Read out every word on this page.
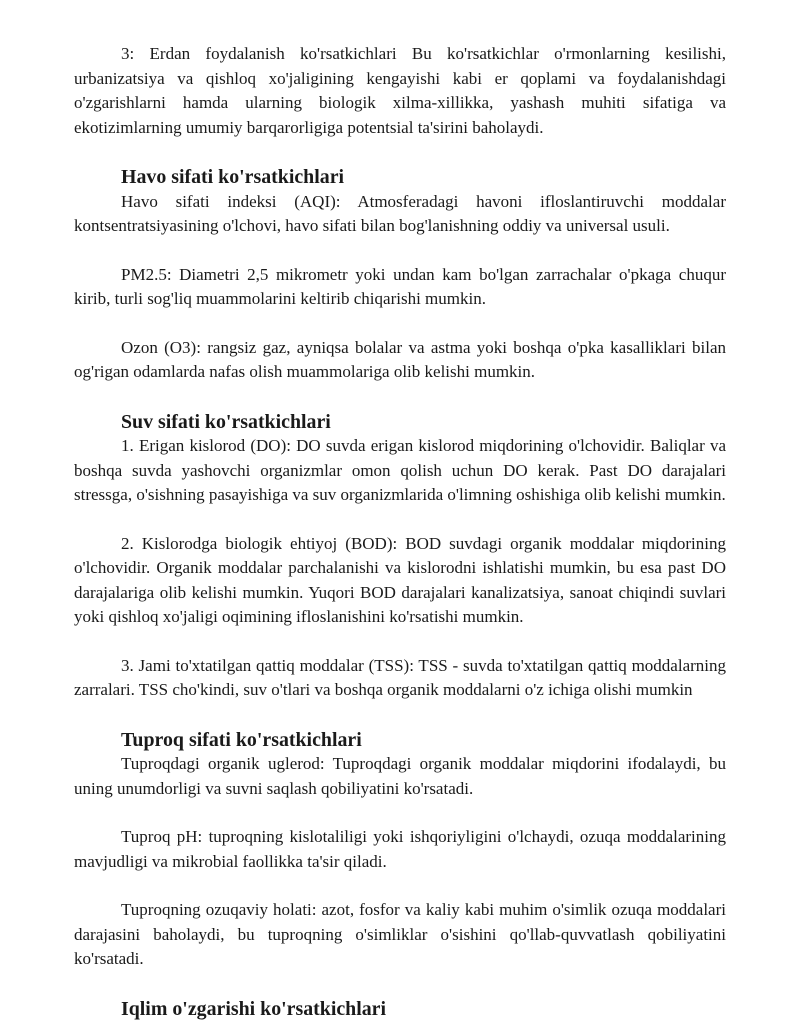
3: Erdan foydalanish ko'rsatkichlari Bu ko'rsatkichlar o'rmonlarning kesilishi, urbanizatsiya va qishloq xo'jaligining kengayishi kabi er qoplami va foydalanishdagi o'zgarishlarni hamda ularning biologik xilma-xillikka, yashash muhiti sifatiga va ekotizimlarning umumiy barqarorligiga potentsial ta'sirini baholaydi.

Havo sifati ko'rsatkichlari

Havo sifati indeksi (AQI): Atmosferadagi havoni ifloslantiruvchi moddalar kontsentratsiyasining o'lchovi, havo sifati bilan bog'lanishning oddiy va universal usuli.

PM2.5: Diametri 2,5 mikrometr yoki undan kam bo'lgan zarrachalar o'pkaga chuqur kirib, turli sog'liq muammolarini keltirib chiqarishi mumkin.

Ozon (O3): rangsiz gaz, ayniqsa bolalar va astma yoki boshqa o'pka kasalliklari bilan og'rigan odamlarda nafas olish muammolariga olib kelishi mumkin.

Suv sifati ko'rsatkichlari

1. Erigan kislorod (DO): DO suvda erigan kislorod miqdorining o'lchovidir. Baliqlar va boshqa suvda yashovchi organizmlar omon qolish uchun DO kerak. Past DO darajalari stressga, o'sishning pasayishiga va suv organizmlarida o'limning oshishiga olib kelishi mumkin.

2. Kislorodga biologik ehtiyoj (BOD): BOD suvdagi organik moddalar miqdorining o'lchovidir. Organik moddalar parchalanishi va kislorodni ishlatishi mumkin, bu esa past DO darajalariga olib kelishi mumkin. Yuqori BOD darajalari kanalizatsiya, sanoat chiqindi suvlari yoki qishloq xo'jaligi oqimining ifloslanishini ko'rsatishi mumkin.

3. Jami to'xtatilgan qattiq moddalar (TSS): TSS - suvda to'xtatilgan qattiq moddalarning zarralari. TSS cho'kindi, suv o'tlari va boshqa organik moddalarni o'z ichiga olishi mumkin

Tuproq sifati ko'rsatkichlari

Tuproqdagi organik uglerod: Tuproqdagi organik moddalar miqdorini ifodalaydi, bu uning unumdorligi va suvni saqlash qobiliyatini ko'rsatadi.

Tuproq pH: tuproqning kislotaliligi yoki ishqoriyligini o'lchaydi, ozuqa moddalarining mavjudligi va mikrobial faollikka ta'sir qiladi.

Tuproqning ozuqaviy holati: azot, fosfor va kaliy kabi muhim o'simlik ozuqa moddalari darajasini baholaydi, bu tuproqning o'simliklar o'sishini qo'llab-quvvatlash qobiliyatini ko'rsatadi.

Iqlim o'zgarishi ko'rsatkichlari
